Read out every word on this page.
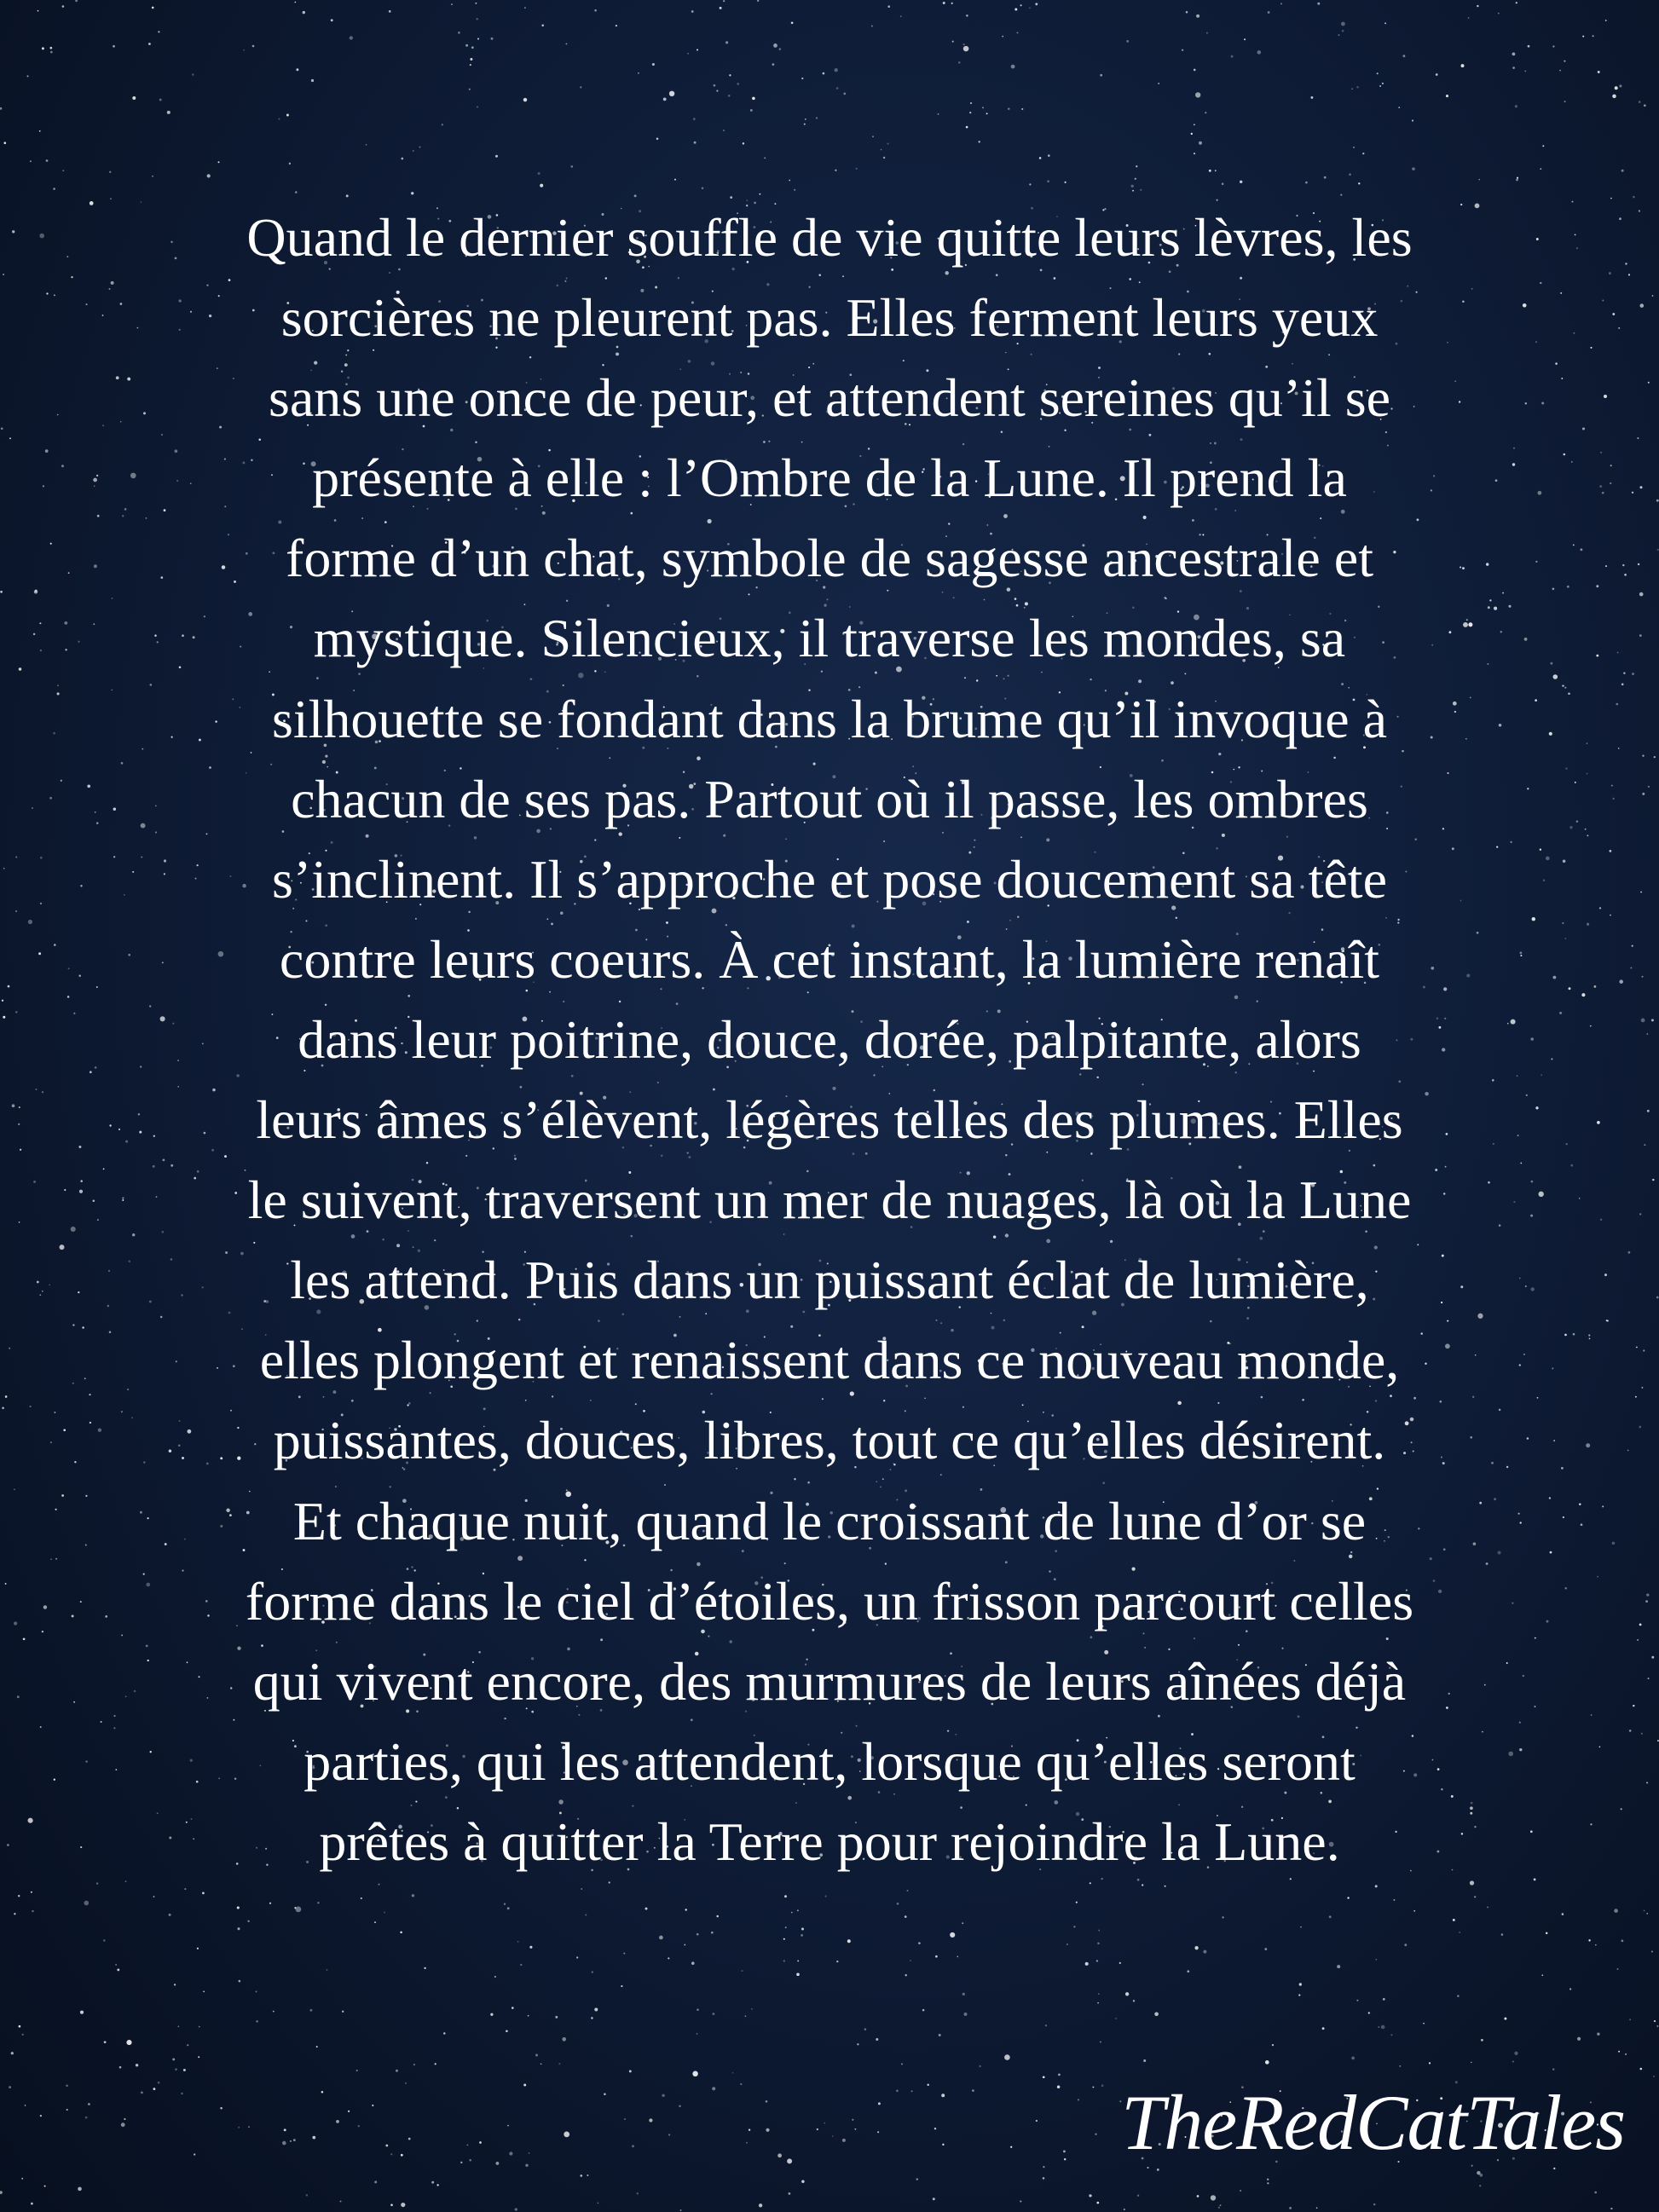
Quand le dernier souffle de vie quitte leurs lèvres, les
sorcières ne pleurent pas. Elles ferment leurs yeux
sans une once de peur, et attendent sereines qu’il se
présente à elle : l’Ombre de la Lune. Il prend la
forme d’un chat, symbole de sagesse ancestrale et
mystique. Silencieux, il traverse les mondes, sa
silhouette se fondant dans la brume qu’il invoque à
chacun de ses pas. Partout où il passe, les ombres
s’inclinent. Il s’approche et pose doucement sa tête
contre leurs coeurs. À cet instant, la lumière renaît
dans leur poitrine, douce, dorée, palpitante, alors
leurs âmes s’élèvent, légères telles des plumes. Elles
le suivent, traversent un mer de nuages, là où la Lune
les attend. Puis dans un puissant éclat de lumière,
elles plongent et renaissent dans ce nouveau monde,
puissantes, douces, libres, tout ce qu’elles désirent.
Et chaque nuit, quand le croissant de lune d’or se
forme dans le ciel d’étoiles, un frisson parcourt celles
qui vivent encore, des murmures de leurs aînées déjà
parties, qui les attendent, lorsque qu’elles seront
prêtes à quitter la Terre pour rejoindre la Lune.
TheRedCatTales
